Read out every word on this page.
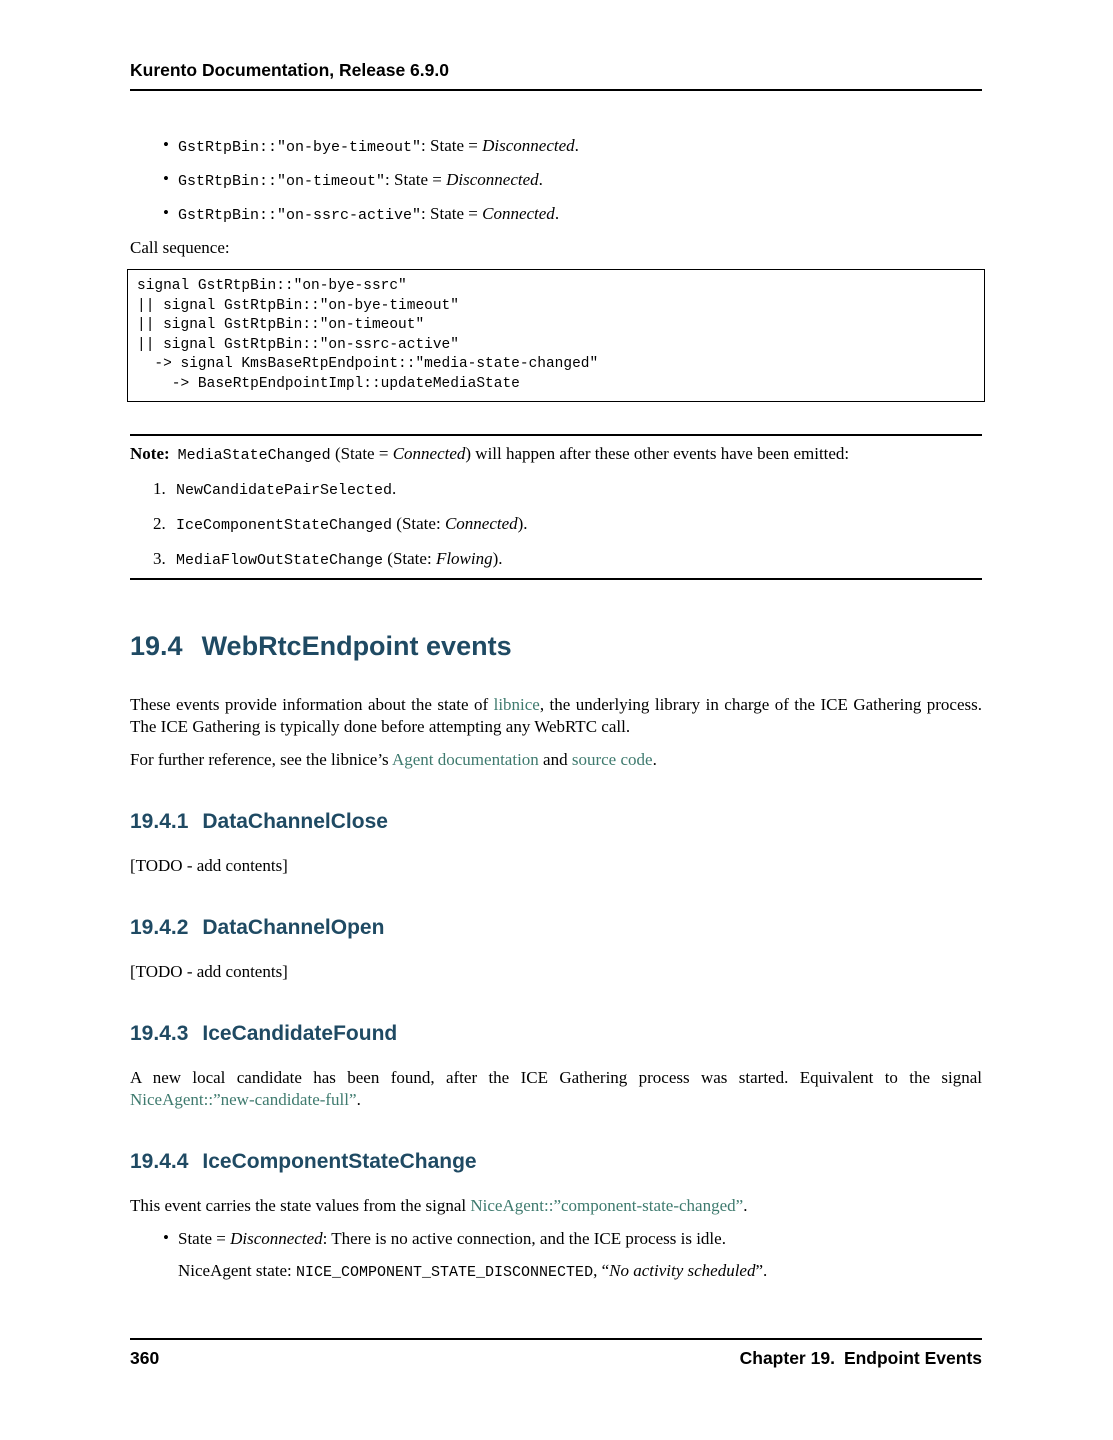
Kurento Documentation, Release 6.9.0
• GstRtpBin::"on-bye-timeout": State = Disconnected.
• GstRtpBin::"on-timeout": State = Disconnected.
• GstRtpBin::"on-ssrc-active": State = Connected.

Call sequence:

signal GstRtpBin::"on-bye-ssrc"
|| signal GstRtpBin::"on-bye-timeout"
|| signal GstRtpBin::"on-timeout"
|| signal GstRtpBin::"on-ssrc-active"
-> signal KmsBaseRtpEndpoint::"media-state-changed"
-> BaseRtpEndpointImpl::updateMediaState

Note: MediaStateChanged (State = Connected) will happen after these other events have been emitted:

1. NewCandidatePairSelected.
2. IceComponentStateChanged (State: Connected).
3. MediaFlowOutStateChange (State: Flowing).
19.4 WebRtcEndpoint events

These events provide information about the state of libnice, the underlying library in charge of the ICE Gathering process. The ICE Gathering is typically done before attempting any WebRTC call.

For further reference, see the libnice’s Agent documentation and source code.

19.4.1 DataChannelClose

[TODO - add contents]

19.4.2 DataChannelOpen

[TODO - add contents]

19.4.3 IceCandidateFound

A new local candidate has been found, after the ICE Gathering process was started. Equivalent to the signal NiceAgent::”new-candidate-full”.

19.4.4 IceComponentStateChange

This event carries the state values from the signal NiceAgent::”component-state-changed”.

• State = Disconnected: There is no active connection, and the ICE process is idle.

NiceAgent state: NICE_COMPONENT_STATE_DISCONNECTED, “No activity scheduled”.

360	Chapter 19. Endpoint Events
